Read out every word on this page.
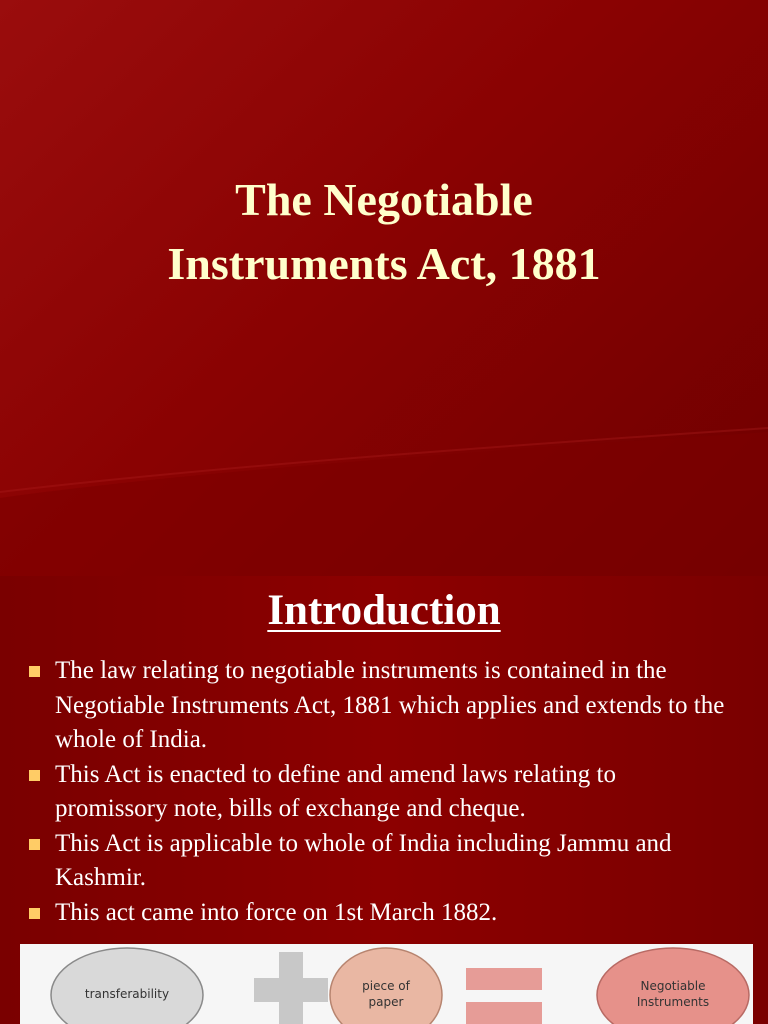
The Negotiable
Instruments Act, 1881
Introduction
The law relating to negotiable instruments is contained in the Negotiable Instruments Act, 1881 which applies and extends to the whole of India.
This Act is enacted to define and amend laws relating to promissory note, bills of exchange and cheque.
This Act is applicable to whole of India including Jammu and Kashmir.
This act came into force on 1st March 1882.
transferability
piece of
paper
Negotiable
Instruments
